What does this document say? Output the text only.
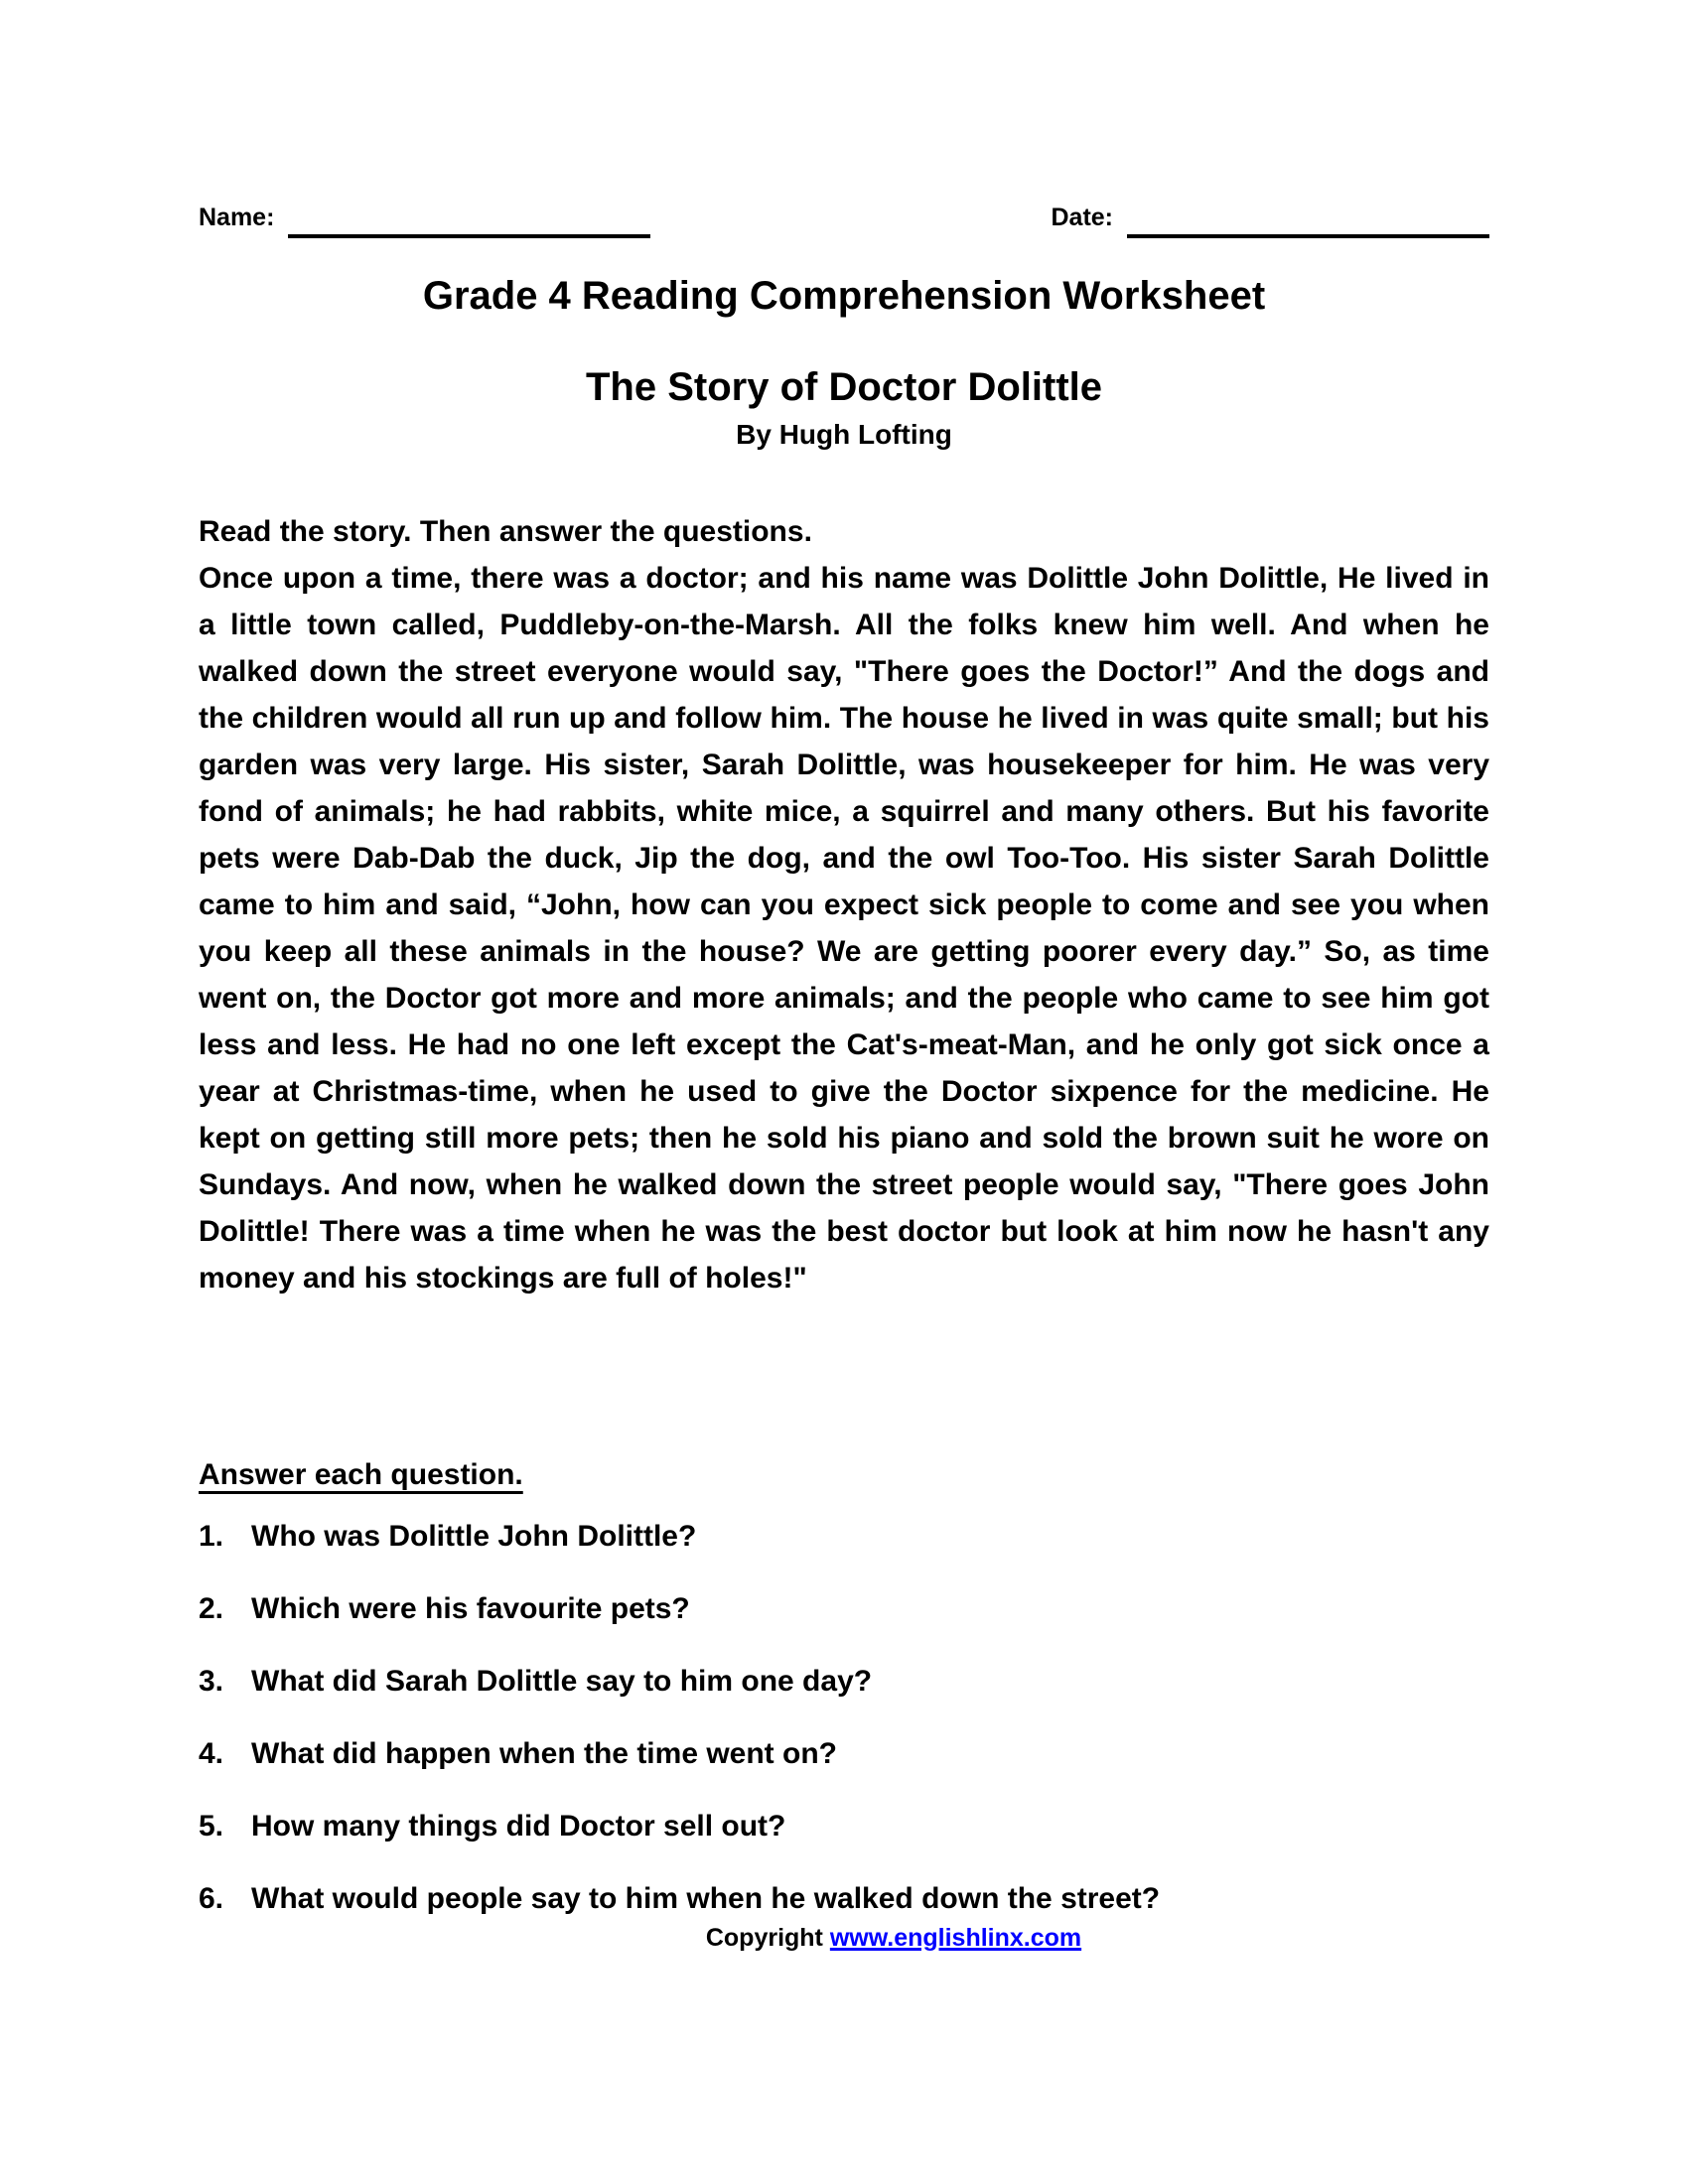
Name:	Date:
Grade 4 Reading Comprehension Worksheet
The Story of Doctor Dolittle
By Hugh Lofting
Read the story. Then answer the questions.
Once upon a time, there was a doctor; and his name was Dolittle John Dolittle, He lived in a little town called, Puddleby-on-the-Marsh. All the folks knew him well. And when he walked down the street everyone would say, "There goes the Doctor!” And the dogs and the children would all run up and follow him. The house he lived in was quite small; but his garden was very large. His sister, Sarah Dolittle, was housekeeper for him. He was very fond of animals; he had rabbits, white mice, a squirrel and many others. But his favorite pets were Dab-Dab the duck, Jip the dog, and the owl Too-Too. His sister Sarah Dolittle came to him and said, “John, how can you expect sick people to come and see you when you keep all these animals in the house? We are getting poorer every day.” So, as time went on, the Doctor got more and more animals; and the people who came to see him got less and less. He had no one left except the Cat's-meat-Man, and he only got sick once a year at Christmas-time, when he used to give the Doctor sixpence for the medicine. He kept on getting still more pets; then he sold his piano and sold the brown suit he wore on Sundays. And now, when he walked down the street people would say, "There goes John Dolittle! There was a time when he was the best doctor but look at him now he hasn't any money and his stockings are full of holes!"
Answer each question.
1. Who was Dolittle John Dolittle?
2. Which were his favourite pets?
3. What did Sarah Dolittle say to him one day?
4. What did happen when the time went on?
5. How many things did Doctor sell out?
6. What would people say to him when he walked down the street?
Copyright www.englishlinx.com
